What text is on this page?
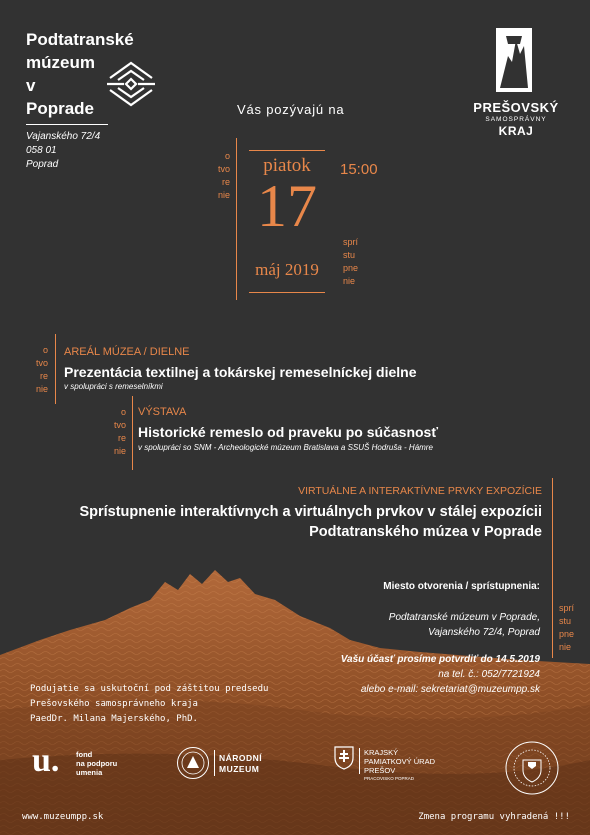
Podtatranské
múzeum
v
Poprade
Vajanského 72/4
058 01
Poprad
PREŠOVSKÝ
SAMOSPRÁVNY
KRAJ
Vás pozývajú na
o
tvo
re
nie
piatok	15:00
17
máj 2019
sprí
stu
pne
nie
o
tvo
re
nie
AREÁL MÚZEA / DIELNE
Prezentácia textilnej a tokárskej remeselníckej dielne
v spolupráci s remeselníkmi
o
tvo
re
nie
VÝSTAVA
Historické remeslo od praveku po súčasnosť
v spolupráci so SNM - Archeologické múzeum Bratislava a SSUŠ Hodruša - Hámre
VIRTUÁLNE A INTERAKTÍVNE PRVKY EXPOZÍCIE
Sprístupnenie interaktívnych a virtuálnych prvkov v stálej expozícii
Podtatranského múzea v Poprade
Miesto otvorenia / sprístupnenia:
Podtatranské múzeum v Poprade,
Vajanského 72/4, Poprad
sprí
stu
pne
nie
Vašu účasť prosíme potvrdiť do 14.5.2019
na tel. č.: 052/7721924
alebo e-mail: sekretariat@muzeumpp.sk
Podujatie sa uskutoční pod záštitou predsedu
Prešovského samosprávneho kraja
PaedDr. Milana Majerského, PhD.
u. fond
na podporu
umenia
NÁRODNÍ
MUZEUM
KRAJSKÝ
PAMIATKOVÝ ÚRAD
PREŠOV
PRACOVISKO POPRAD
www.muzeumpp.sk	Zmena programu vyhradená !!!
